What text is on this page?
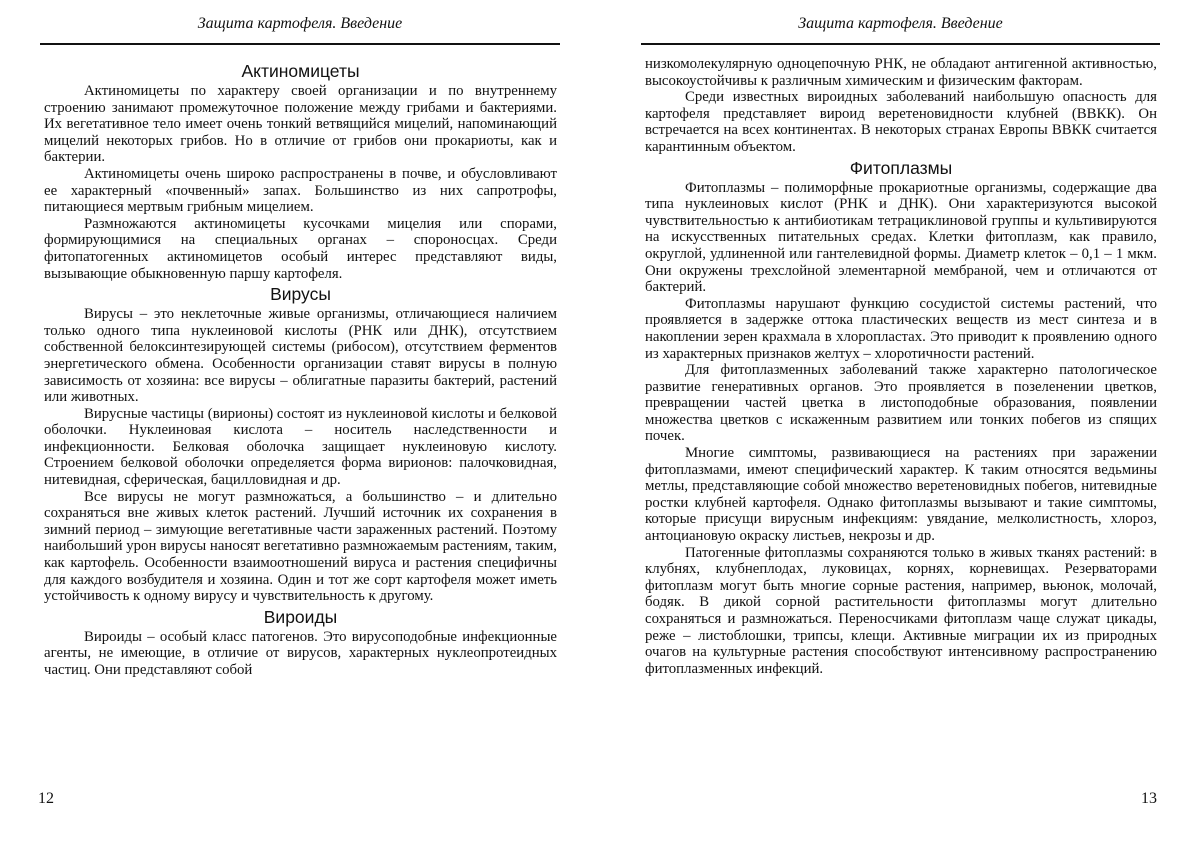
Защита картофеля. Введение
Актиномицеты

Актиномицеты по характеру своей организации и по внутреннему строению занимают промежуточное положение между грибами и бактериями. Их вегетативное тело имеет очень тонкий ветвящийся мицелий, напоминающий мицелий некоторых грибов. Но в отличие от грибов они прокариоты, как и бактерии.

Актиномицеты очень широко распространены в почве, и обусловливают ее характерный «почвенный» запах. Большинство из них сапротрофы, питающиеся мертвым грибным мицелием.

Размножаются актиномицеты кусочками мицелия или спорами, формирующимися на специальных органах – спороносцах. Среди фитопатогенных актиномицетов особый интерес представляют виды, вызывающие обыкновенную паршу картофеля.

Вирусы

Вирусы – это неклеточные живые организмы, отличающиеся наличием только одного типа нуклеиновой кислоты (РНК или ДНК), отсутствием собственной белоксинтезирующей системы (рибосом), отсутствием ферментов энергетического обмена. Особенности организации ставят вирусы в полную зависимость от хозяина: все вирусы – облигатные паразиты бактерий, растений или животных.

Вирусные частицы (вирионы) состоят из нуклеиновой кислоты и белковой оболочки. Нуклеиновая кислота – носитель наследственности и инфекционности. Белковая оболочка защищает нуклеиновую кислоту. Строением белковой оболочки определяется форма вирионов: палочковидная, нитевидная, сферическая, бацилловидная и др.

Все вирусы не могут размножаться, а большинство – и длительно сохраняться вне живых клеток растений. Лучший источник их сохранения в зимний период – зимующие вегетативные части зараженных растений. Поэтому наибольший урон вирусы наносят вегетативно размножаемым растениям, таким, как картофель. Особенности взаимоотношений вируса и растения специфичны для каждого возбудителя и хозяина. Один и тот же сорт картофеля может иметь устойчивость к одному вирусу и чувствительность к другому.

Вироиды

Вироиды – особый класс патогенов. Это вирусоподобные инфекционные агенты, не имеющие, в отличие от вирусов, характерных нуклеопротеидных частиц. Они представляют собой

12
Защита картофеля. Введение

низкомолекулярную одноцепочную РНК, не обладают антигенной активностью, высокоустойчивы к различным химическим и физическим факторам.

Среди известных вироидных заболеваний наибольшую опасность для картофеля представляет вироид веретеновидности клубней (ВВКК). Он встречается на всех континентах. В некоторых странах Европы ВВКК считается карантинным объектом.

Фитоплазмы

Фитоплазмы – полиморфные прокариотные организмы, содержащие два типа нуклеиновых кислот (РНК и ДНК). Они характеризуются высокой чувствительностью к антибиотикам тетрациклиновой группы и культивируются на искусственных питательных средах. Клетки фитоплазм, как правило, округлой, удлиненной или гантелевидной формы. Диаметр клеток – 0,1 – 1 мкм. Они окружены трехслойной элементарной мембраной, чем и отличаются от бактерий.

Фитоплазмы нарушают функцию сосудистой системы растений, что проявляется в задержке оттока пластических веществ из мест синтеза и в накоплении зерен крахмала в хлоропластах. Это приводит к проявлению одного из характерных признаков желтух – хлоротичности растений.

Для фитоплазменных заболеваний также характерно патологическое развитие генеративных органов. Это проявляется в позеленении цветков, превращении частей цветка в листоподобные образования, появлении множества цветков с искаженным развитием или тонких побегов из спящих почек.

Многие симптомы, развивающиеся на растениях при заражении фитоплазмами, имеют специфический характер. К таким относятся ведьмины метлы, представляющие собой множество веретеновидных побегов, нитевидные ростки клубней картофеля. Однако фитоплазмы вызывают и такие симптомы, которые присущи вирусным инфекциям: увядание, мелколистность, хлороз, антоциановую окраску листьев, некрозы и др.

Патогенные фитоплазмы сохраняются только в живых тканях растений: в клубнях, клубнеплодах, луковицах, корнях, корневищах. Резерваторами фитоплазм могут быть многие сорные растения, например, вьюнок, молочай, бодяк. В дикой сорной растительности фитоплазмы могут длительно сохраняться и размножаться. Переносчиками фитоплазм чаще служат цикады, реже – листоблошки, трипсы, клещи. Активные миграции их из природных очагов на культурные растения способствуют интенсивному распространению фитоплазменных инфекций.

13
